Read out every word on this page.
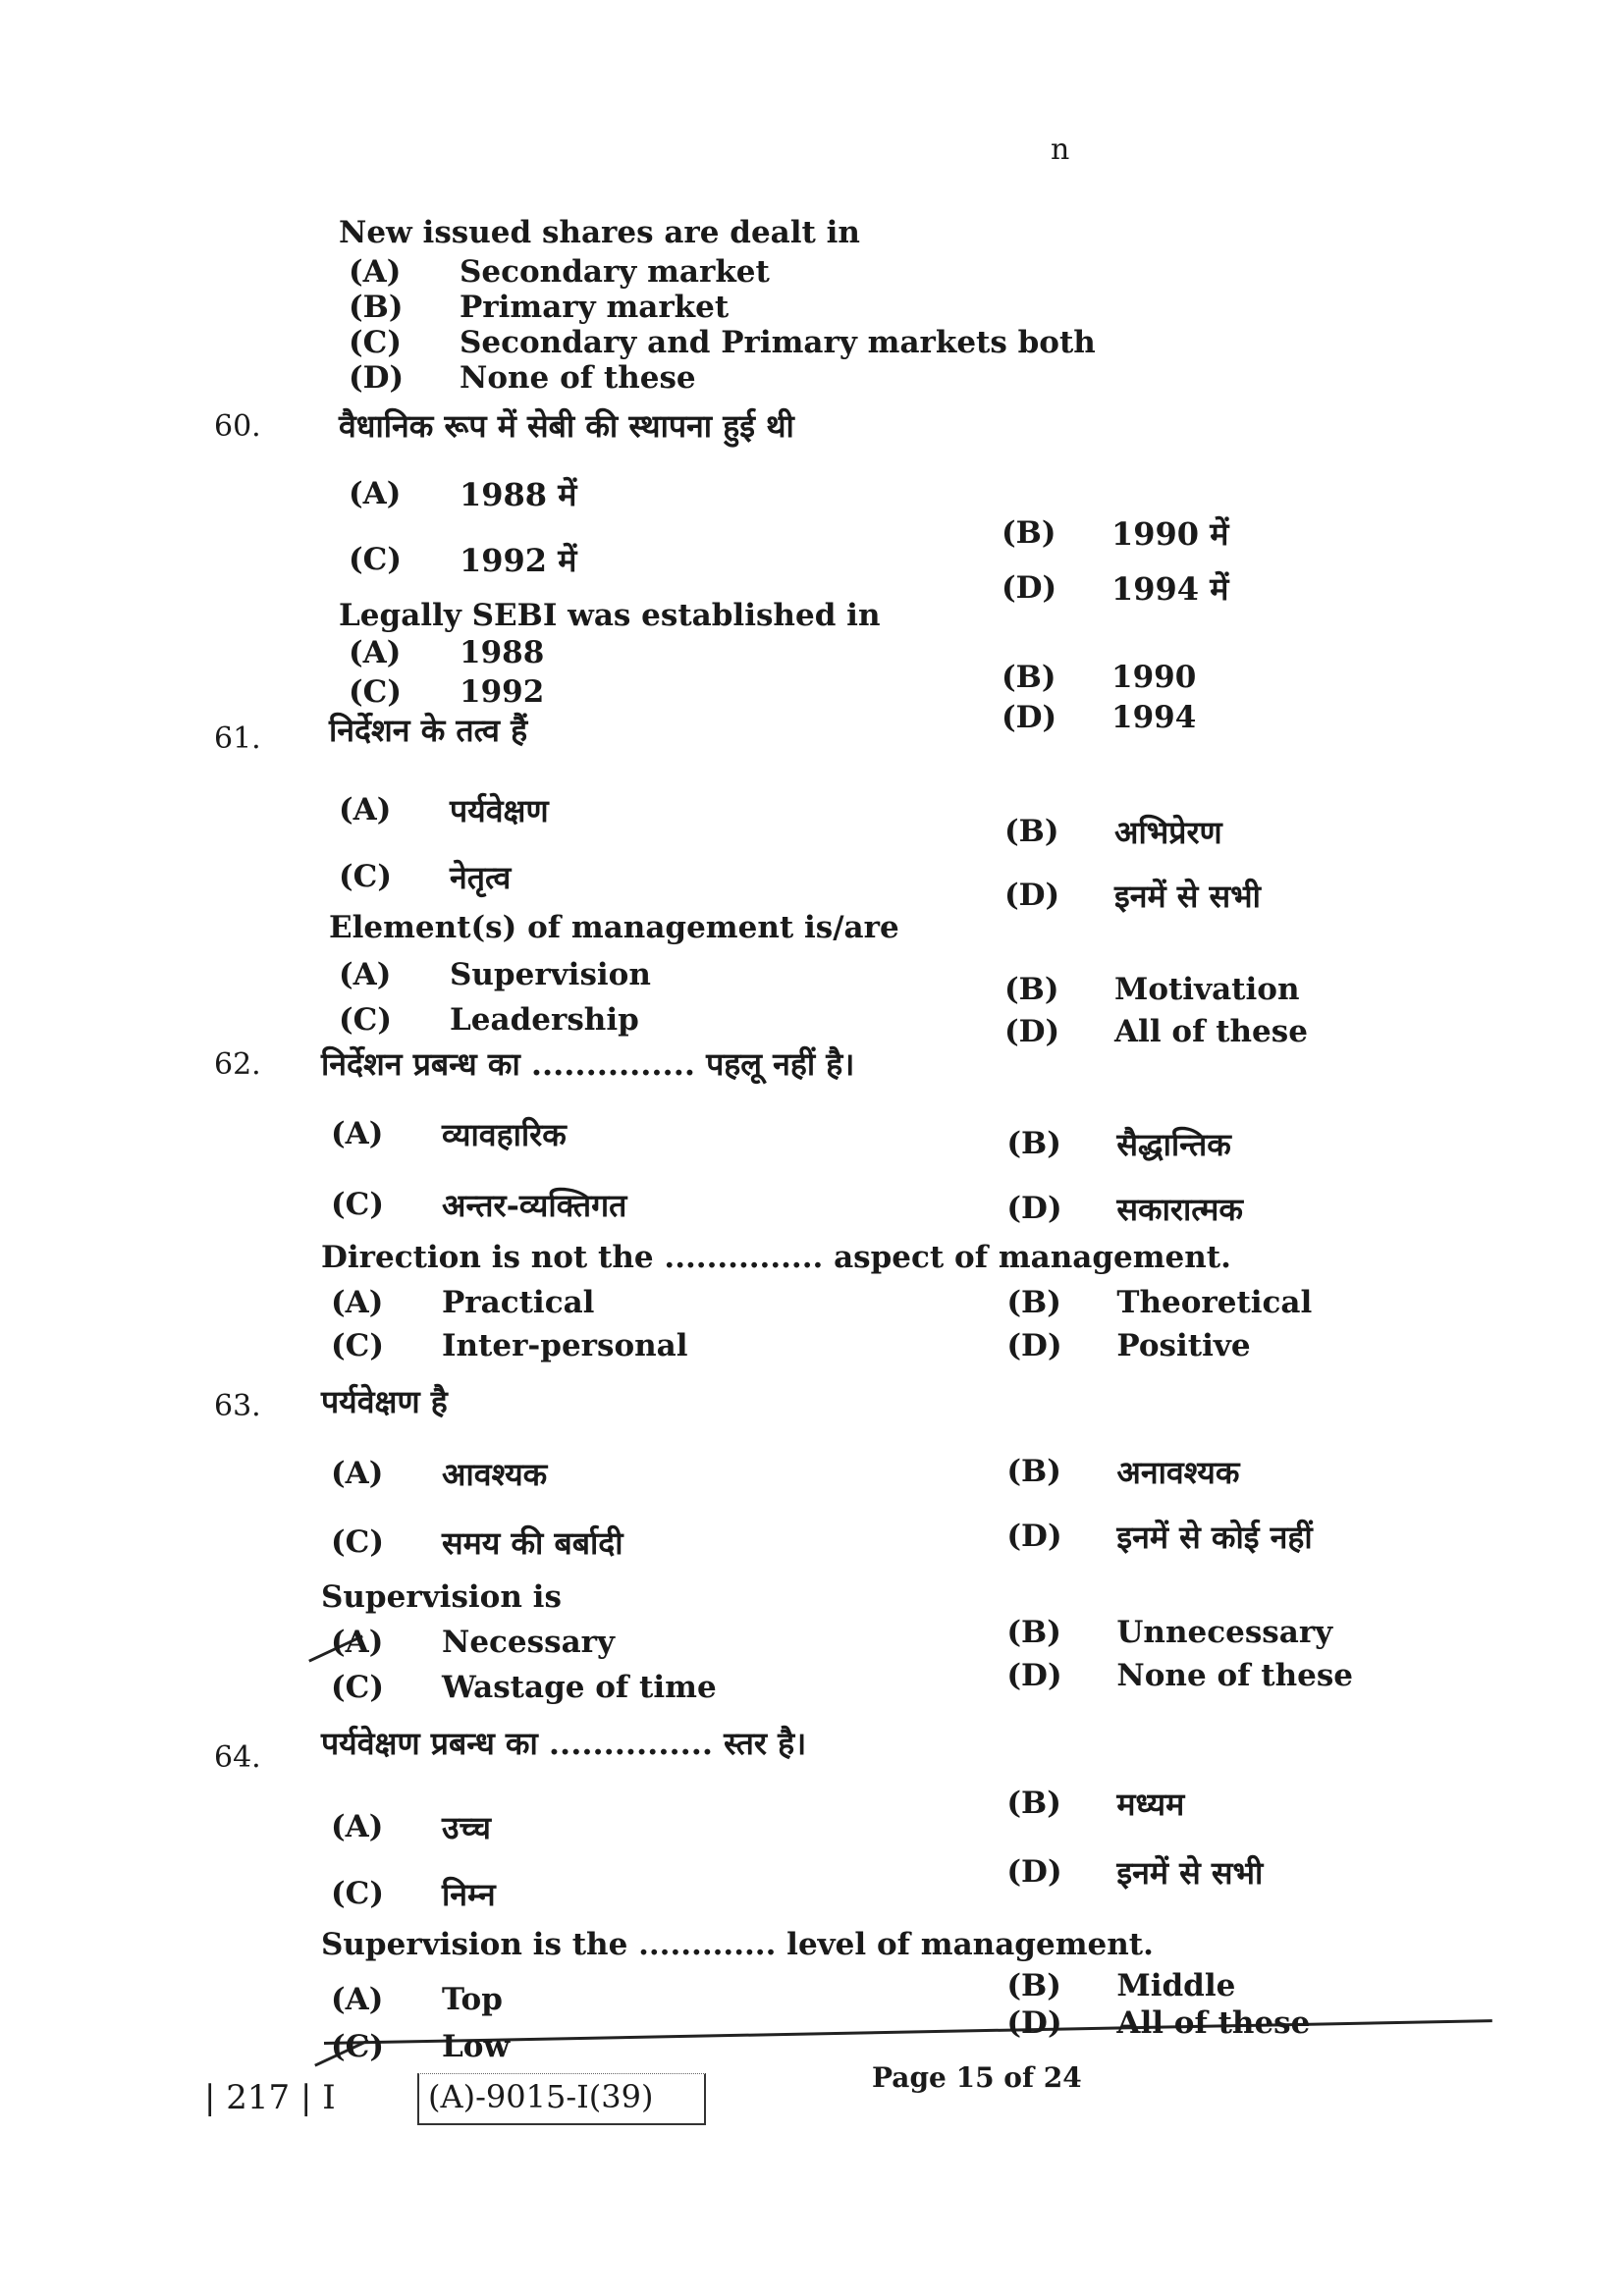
n
| 217 | I	(A)-9015-I(39)
Page 15 of 24
New issued shares are dealt in
(A) Secondary market
(B) Primary market
(C) Secondary and Primary markets both
(D) None of these
60. वैधानिक रूप में सेबी की स्थापना हुई थी
(A) 1988 में
(B) 1990 में
(C) 1992 में
(D) 1994 में
Legally SEBI was established in
(A) 1988
(B) 1990
(C) 1992
(D) 1994
61. निर्देशन के तत्व हैं
(A) पर्यवेक्षण
(B) अभिप्रेरण
(C) नेतृत्व	(D) इनमें से सभी
Element(s) of management is/are
(A) Supervision	(B) Motivation
(C) Leadership	(D) All of these
62. निर्देशन प्रबन्ध का ............... पहलू नहीं है।
(A) व्यावहारिक	(B) सैद्धान्तिक
(C) अन्तर-व्यक्तिगत	(D) सकारात्मक
Direction is not the ............... aspect of management.
(A) Practical	(B) Theoretical
(C) Inter-personal	(D) Positive
63. पर्यवेक्षण है
(A) आवश्यक	(B) अनावश्यक
(C) समय की बर्बादी	(D) इनमें से कोई नहीं
Supervision is
(A) Necessary	(B) Unnecessary
(C) Wastage of time	(D) None of these
64. पर्यवेक्षण प्रबन्ध का ............... स्तर है।
(A) उच्च
(B) मध्यम
(C) निम्न
(D) इनमें से सभी
Supervision is the ............. level of management.
(A) Top	(B) Middle
(C) Low
(D) All of these
